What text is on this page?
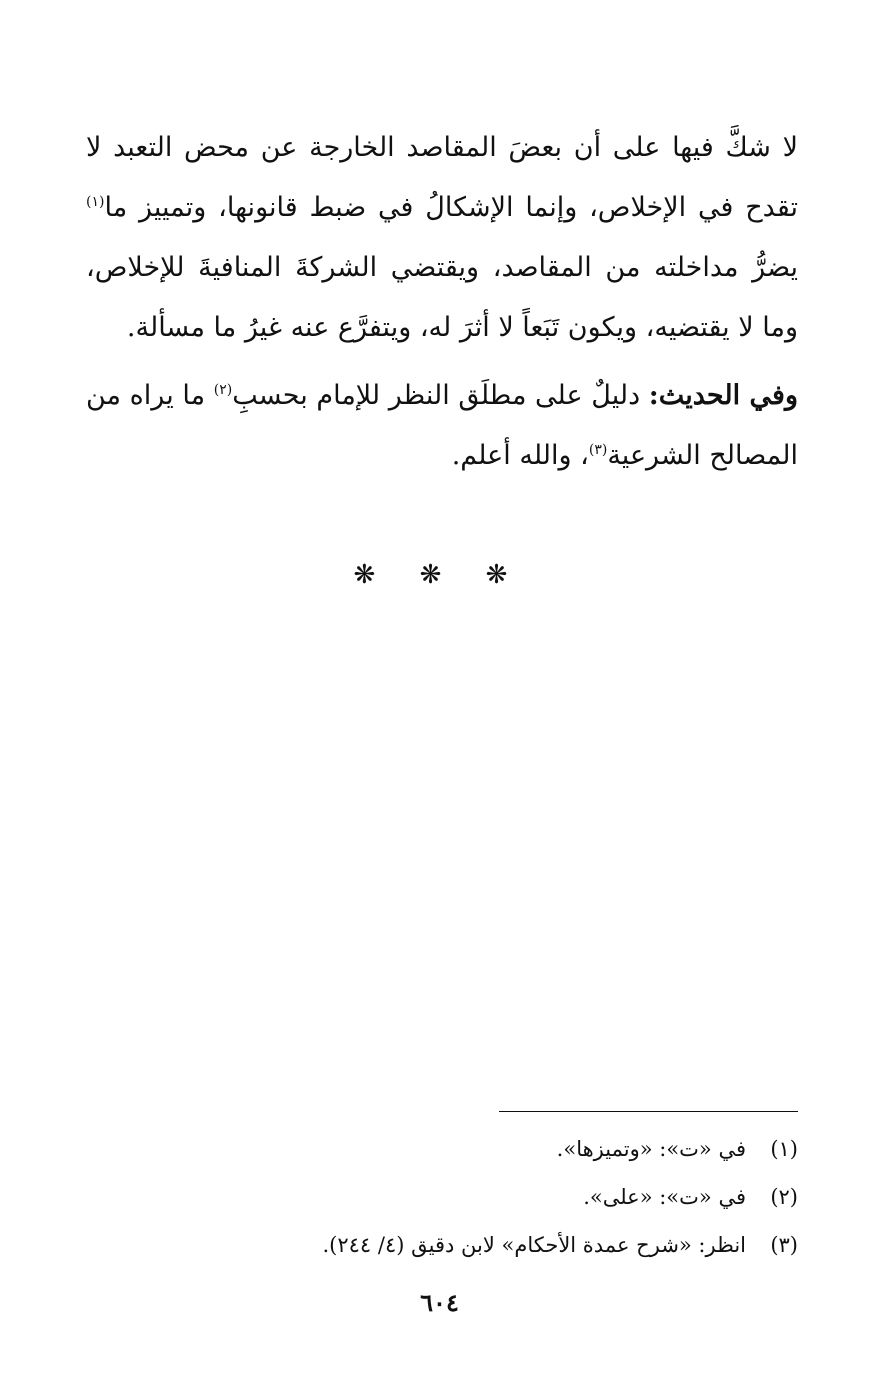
لا شكَّ فيها على أن بعضَ المقاصد الخارجة عن محض التعبد لا تقدح في الإخلاص، وإنما الإشكالُ في ضبط قانونها، وتمييز ما$^{(١)}$ يضرُّ مداخلته من المقاصد، ويقتضي الشركةَ المنافيةَ للإخلاص، وما لا يقتضيه، ويكون تَبَعاً لا أثرَ له، ويتفرَّع عنه غيرُ ما مسألة.

وفي الحديث: دليلٌ على مطلَق النظر للإمام بحسبِ$^{(٢)}$ ما يراه من المصالح الشرعية$^{(٣)}$، والله أعلم.

❋ ❋ ❋
(١)في «ت»: «وتميزها».
(٢)في «ت»: «على».
(٣)انظر: «شرح عمدة الأحكام» لابن دقيق (٤/ ٢٤٤).
٦٠٤
